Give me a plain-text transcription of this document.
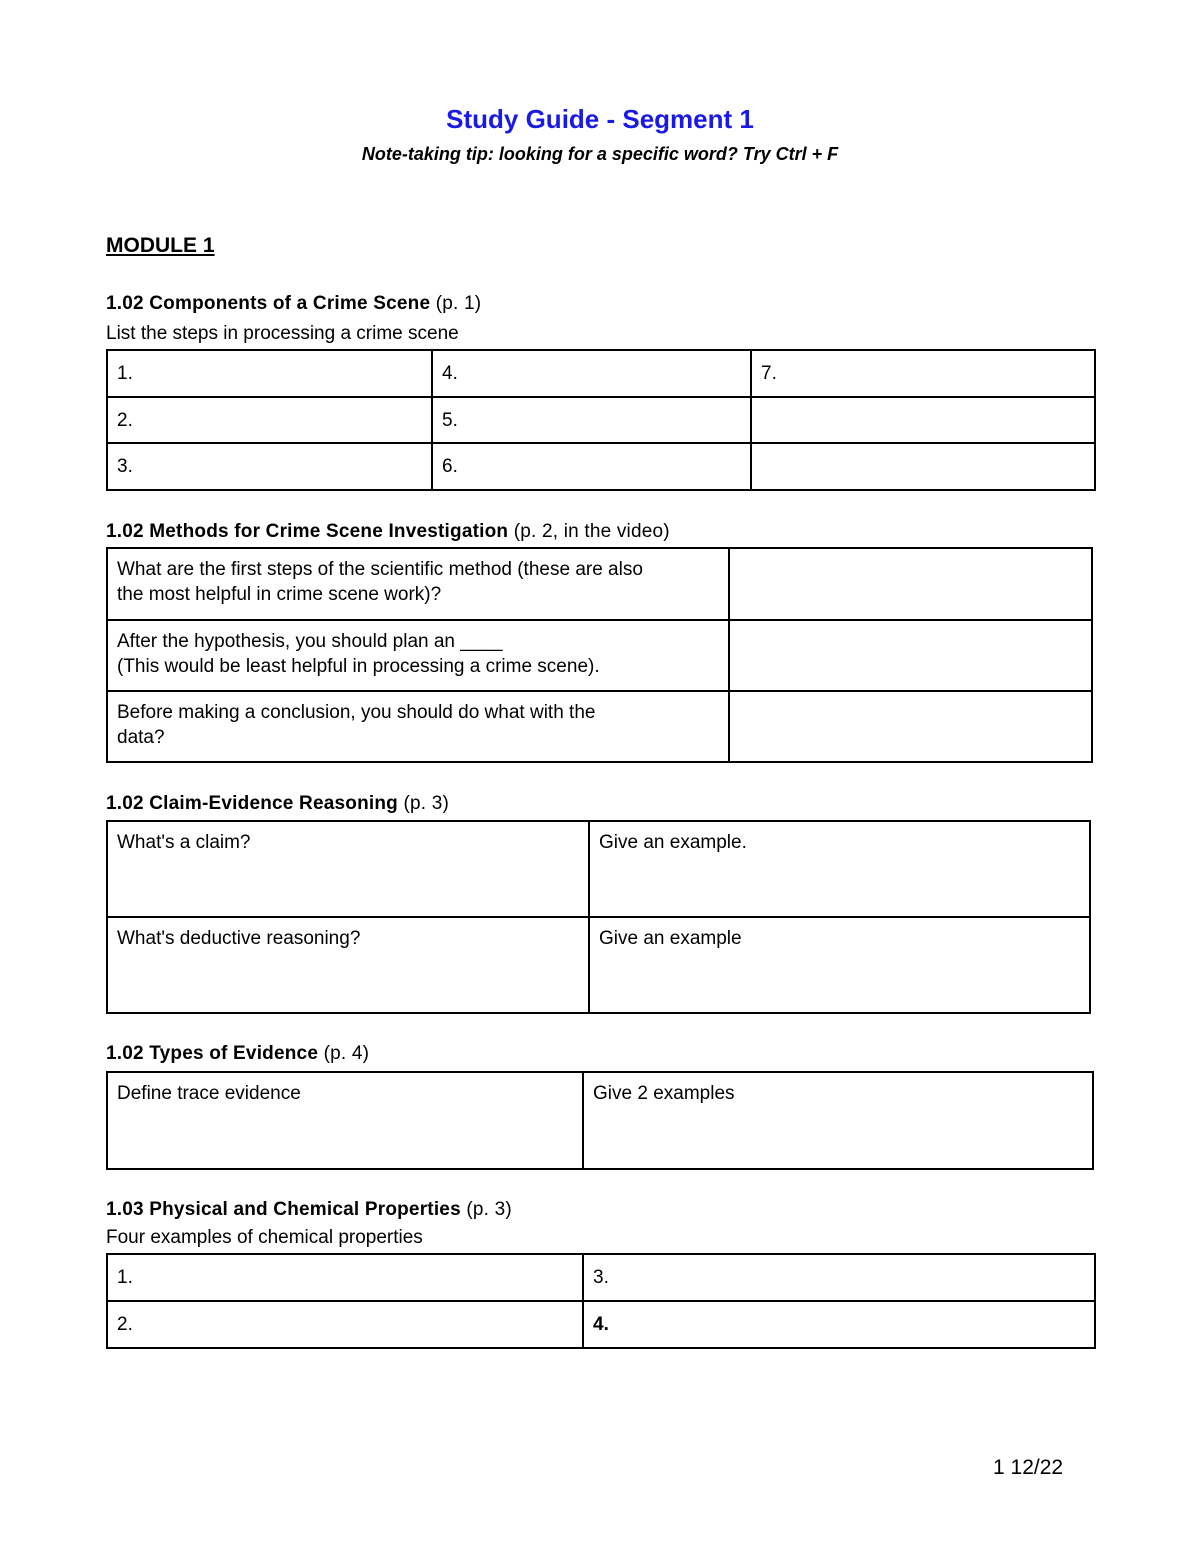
Study Guide - Segment 1
Note-taking tip: looking for a specific word? Try Ctrl + F
MODULE 1
1.02 Components of a Crime Scene (p. 1)
List the steps in processing a crime scene
1.	4.	7.
2.	5.	
3.	6.	
1.02 Methods for Crime Scene Investigation (p. 2, in the video)
What are the first steps of the scientific method (these are also
the most helpful in crime scene work)?	

After the hypothesis, you should plan an ____
(This would be least helpful in processing a crime scene).	

Before making a conclusion, you should do what with the
data?	

1.02 Claim-Evidence Reasoning (p. 3)
What's a claim?	Give an example.
What's deductive reasoning?	Give an example
1.02 Types of Evidence (p. 4)
Define trace evidence	Give 2 examples
1.03 Physical and Chemical Properties (p. 3)
Four examples of chemical properties
1.	3.
2.	4.
1 12/22
